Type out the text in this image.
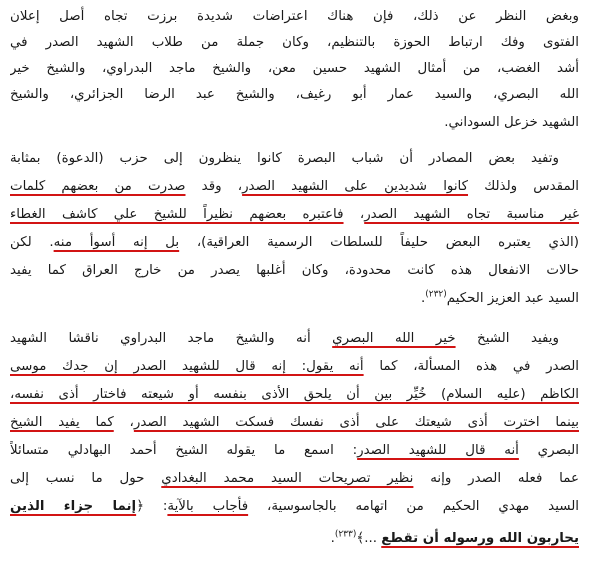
وبغض النظر عن ذلك، فإن هناك اعتراضات شديدة برزت تجاه أصل إعلان
الفتوى وفك ارتباط الحوزة بالتنظيم، وكان جملة من طلاب الشهيد الصدر في
أشد الغضب، من أمثال الشهيد حسين معن، والشيخ ماجد البدراوي، والشيخ خير
الله البصري، والسيد عمار أبو رغيف، والشيخ عبد الرضا الجزائري، والشيخ
الشهيد خزعل السوداني.
وتفيد بعض المصادر أن شباب البصرة كانوا ينظرون إلى حزب (الدعوة) بمثابة
المقدس ولذلك كانوا شديدين على الشهيد الصدر، وقد صدرت من بعضهم كلمات
غير مناسبة تجاه الشهيد الصدر، فاعتبره بعضهم نظيراً للشيخ علي كاشف الغطاء
(الذي يعتبره البعض حليفاً للسلطات الرسمية العراقية)، بل إنه أسوأ منه. لكن
حالات الانفعال هذه كانت محدودة، وكان أغلبها يصدر من خارج العراق كما يفيد
السيد عبد العزيز الحكيم$^{(٢٣٢)}$.
ويفيد الشيخ خير الله البصري أنه والشيخ ماجد البدراوي ناقشا الشهيد
الصدر في هذه المسألة، كما أنه يقول: إنه قال للشهيد الصدر إن جدك موسى
الكاظم (عليه السلام) خُيِّر بين أن يلحق الأذى بنفسه أو شيعته فاختار أذى نفسه،
بينما اخترت أذى شيعتك على أذى نفسك فسكت الشهيد الصدر، كما يفيد الشيخ
البصري أنه قال للشهيد الصدر: اسمع ما يقوله الشيخ أحمد البهادلي متسائلاً
عما فعله الصدر وإنه نظير تصريحات السيد محمد البغدادي حول ما نسب إلى
السيد مهدي الحكيم من اتهامه بالجاسوسية، فأجاب بالآية: ﴿إنما جزاء الذين
يحاربون الله ورسوله أن تقطع ...﴾$^{(٢٣٣)}$.
